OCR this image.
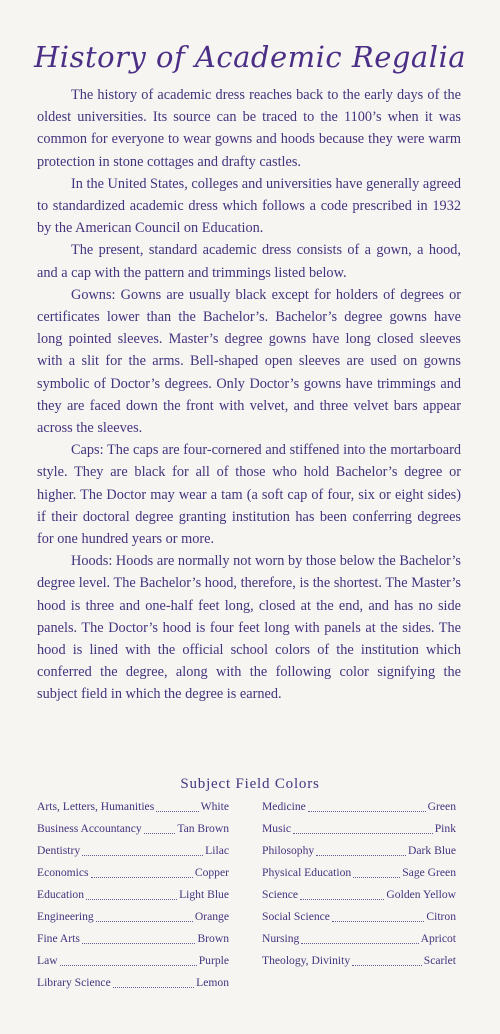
History of Academic Regalia

The history of academic dress reaches back to the early days of the oldest universities. Its source can be traced to the 1100’s when it was common for everyone to wear gowns and hoods because they were warm protection in stone cottages and drafty castles.

In the United States, colleges and universities have generally agreed to standardized academic dress which follows a code prescribed in 1932 by the American Council on Education.

The present, standard academic dress consists of a gown, a hood, and a cap with the pattern and trimmings listed below.

Gowns: Gowns are usually black except for holders of degrees or certificates lower than the Bachelor’s. Bachelor’s degree gowns have long pointed sleeves. Master’s degree gowns have long closed sleeves with a slit for the arms. Bell-shaped open sleeves are used on gowns symbolic of Doctor’s degrees. Only Doctor’s gowns have trimmings and they are faced down the front with velvet, and three velvet bars appear across the sleeves.

Caps: The caps are four-cornered and stiffened into the mortarboard style. They are black for all of those who hold Bachelor’s degree or higher. The Doctor may wear a tam (a soft cap of four, six or eight sides) if their doctoral degree granting institution has been conferring degrees for one hundred years or more.

Hoods: Hoods are normally not worn by those below the Bachelor’s degree level. The Bachelor’s hood, therefore, is the shortest. The Master’s hood is three and one-half feet long, closed at the end, and has no side panels. The Doctor’s hood is four feet long with panels at the sides. The hood is lined with the official school colors of the institution which conferred the degree, along with the following color signifying the subject field in which the degree is earned.

Subject Field Colors
Arts, Letters, Humanities	White
Business Accountancy	Tan Brown
Dentistry	Lilac
Economics	Copper
Education	Light Blue
Engineering	Orange
Fine Arts	Brown
Law	Purple
Library Science	Lemon
Medicine	Green
Music	Pink
Philosophy	Dark Blue
Physical Education	Sage Green
Science	Golden Yellow
Social Science	Citron
Nursing	Apricot
Theology, Divinity	Scarlet
